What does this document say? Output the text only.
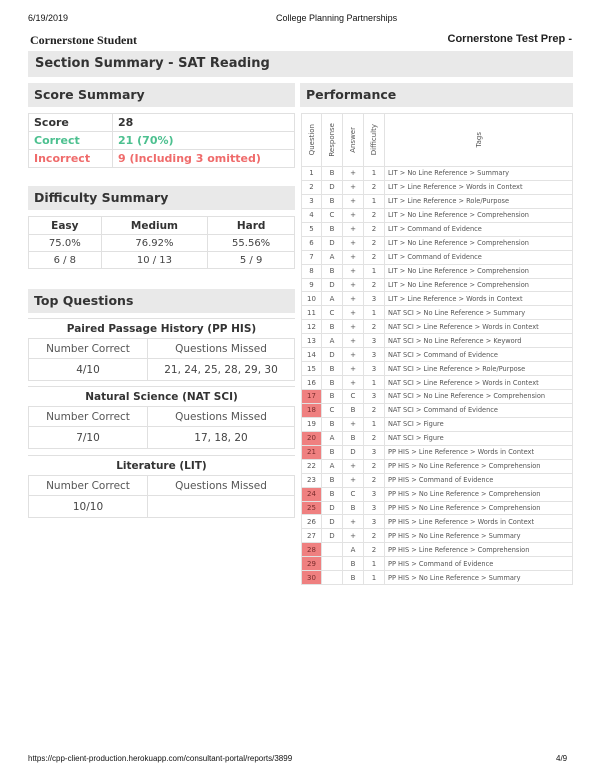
6/19/2019	College Planning Partnerships
Cornerstone Student	Cornerstone Test Prep -
Section Summary - SAT Reading
Score Summary
Score	28
Correct	21 (70%)
Incorrect	9 (Including 3 omitted)
Difficulty Summary
Easy	Medium	Hard
75.0%	76.92%	55.56%
6 / 8	10 / 13	5 / 9
Top Questions
Paired Passage History (PP HIS)
Number Correct	Questions Missed
4/10	21, 24, 25, 28, 29, 30
Natural Science (NAT SCI)
Number Correct	Questions Missed
7/10	17, 18, 20
Literature (LIT)
Number Correct	Questions Missed
10/10	
Performance
Question	Response	Answer	Difficulty	Tags

1	B	+	1	LIT > No Line Reference > Summary
2	D	+	2	LIT > Line Reference > Words in Context
3	B	+	1	LIT > Line Reference > Role/Purpose
4	C	+	2	LIT > No Line Reference > Comprehension
5	B	+	2	LIT > Command of Evidence
6	D	+	2	LIT > No Line Reference > Comprehension
7	A	+	2	LIT > Command of Evidence
8	B	+	1	LIT > No Line Reference > Comprehension
9	D	+	2	LIT > No Line Reference > Comprehension
10	A	+	3	LIT > Line Reference > Words in Context
11	C	+	1	NAT SCI > No Line Reference > Summary
12	B	+	2	NAT SCI > Line Reference > Words in Context
13	A	+	3	NAT SCI > No Line Reference > Keyword
14	D	+	3	NAT SCI > Command of Evidence
15	B	+	3	NAT SCI > Line Reference > Role/Purpose
16	B	+	1	NAT SCI > Line Reference > Words in Context
17	B	C	3	NAT SCI > No Line Reference > Comprehension
18	C	B	2	NAT SCI > Command of Evidence
19	B	+	1	NAT SCI > Figure
20	A	B	2	NAT SCI > Figure
21	B	D	3	PP HIS > Line Reference > Words in Context
22	A	+	2	PP HIS > No Line Reference > Comprehension
23	B	+	2	PP HIS > Command of Evidence
24	B	C	3	PP HIS > No Line Reference > Comprehension
25	D	B	3	PP HIS > No Line Reference > Comprehension
26	D	+	3	PP HIS > Line Reference > Words in Context
27	D	+	2	PP HIS > No Line Reference > Summary
28		A	2	PP HIS > Line Reference > Comprehension
29		B	1	PP HIS > Command of Evidence
30		B	1	PP HIS > No Line Reference > Summary
https://cpp-client-production.herokuapp.com/consultant-portal/reports/3899	4/9
